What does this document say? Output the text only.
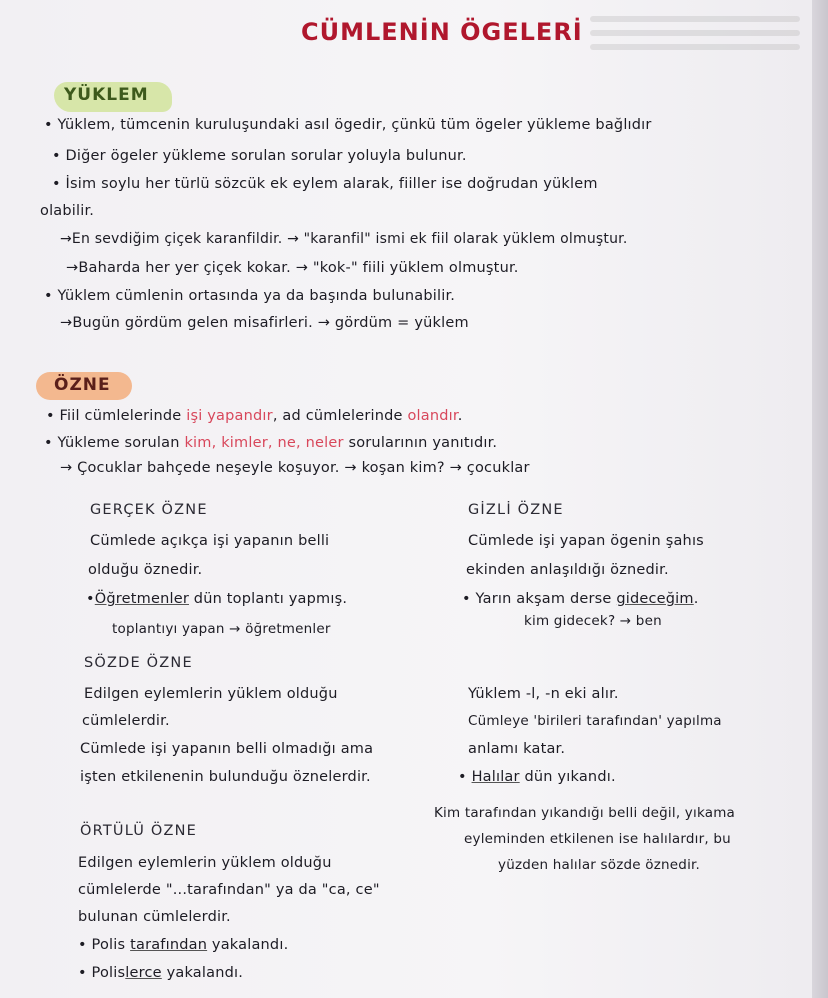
CÜMLENİN ÖGELERİ
YÜKLEM
• Yüklem, tümcenin kuruluşundaki asıl ögedir, çünkü tüm ögeler yükleme bağlıdır
• Diğer ögeler yükleme sorulan sorular yoluyla bulunur.
• İsim soylu her türlü sözcük ek eylem alarak, fiiller ise doğrudan yüklem
olabilir.
→En sevdiğim çiçek karanfildir. → "karanfil" ismi ek fiil olarak yüklem olmuştur.
→Baharda her yer çiçek kokar. → "kok-" fiili yüklem olmuştur.
• Yüklem cümlenin ortasında ya da başında bulunabilir.
→Bugün gördüm gelen misafirleri. → gördüm = yüklem
ÖZNE
• Fiil cümlelerinde işi yapandır, ad cümlelerinde olandır.
• Yükleme sorulan kim, kimler, ne, neler sorularının yanıtıdır.
→ Çocuklar bahçede neşeyle koşuyor. → koşan kim? → çocuklar
GERÇEK ÖZNE
Cümlede açıkça işi yapanın belli
olduğu öznedir.
•Öğretmenler dün toplantı yapmış.
toplantıyı yapan → öğretmenler
GİZLİ ÖZNE
Cümlede işi yapan ögenin şahıs
ekinden anlaşıldığı öznedir.
• Yarın akşam derse gideceğim.
kim gidecek? → ben
SÖZDE ÖZNE
Edilgen eylemlerin yüklem olduğu
cümlelerdir.
Cümlede işi yapanın belli olmadığı ama
işten etkilenenin bulunduğu öznelerdir.
Yüklem -l, -n eki alır.
Cümleye 'birileri tarafından' yapılma
anlamı katar.
• Halılar dün yıkandı.
Kim tarafından yıkandığı belli değil, yıkama
eyleminden etkilenen ise halılardır, bu
yüzden halılar sözde öznedir.
ÖRTÜLÜ ÖZNE
Edilgen eylemlerin yüklem olduğu
cümlelerde "...tarafından" ya da "ca, ce"
bulunan cümlelerdir.
• Polis tarafından yakalandı.
• Polislerce yakalandı.
